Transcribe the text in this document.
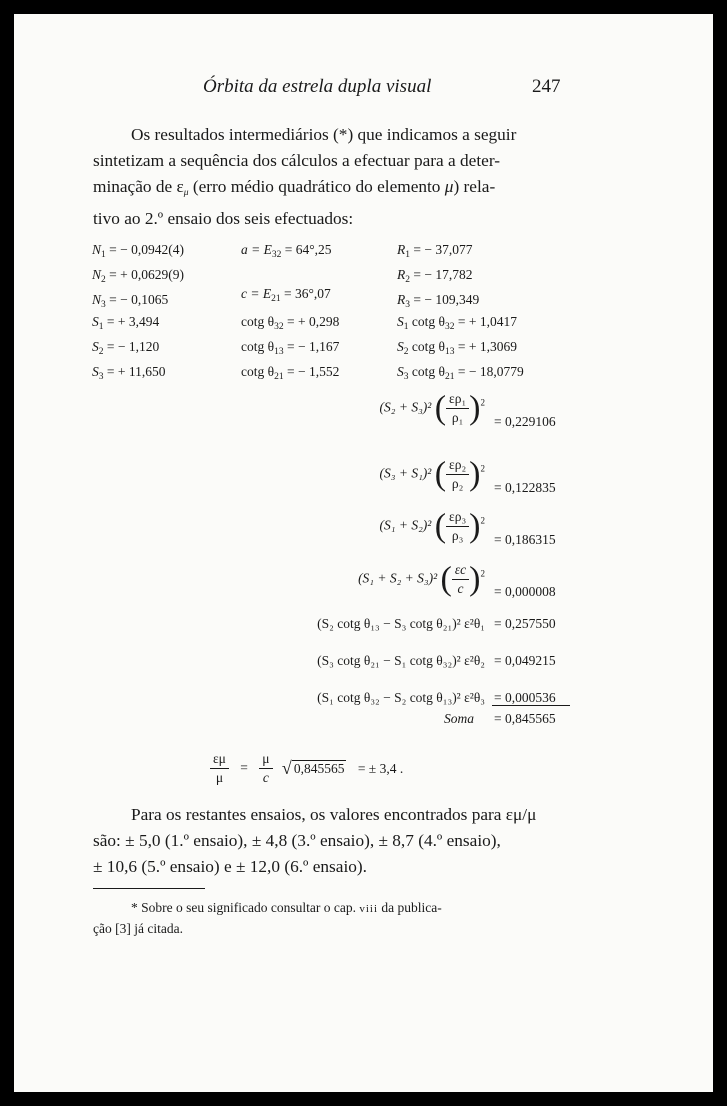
Órbita da estrela dupla visual	247
Os resultados intermediários (*) que indicamos a seguir
sintetizam a sequência dos cálculos a efectuar para a deter-
minação de $\varepsilon_\mu$ (erro médio quadrático do elemento μ) rela-
tivo ao 2.º ensaio dos seis efectuados:
$N_1$ = − 0,0942(4)
$N_2$ = + 0,0629(9)
$N_3$ = − 0,1065
$a = E_{32} = 64^\circ,25$
$c = E_{21} = 36^\circ,07$
$R_1$ = − 37,077
$R_2$ = − 17,782
$R_3$ = − 109,349
$S_1$ = + 3,494
$S_2$ = − 1,120
$S_3$ = + 11,650
cotg $\theta_{32}$ = + 0,298
cotg $\theta_{13}$ = − 1,167
cotg $\theta_{21}$ = − 1,552
$S_1$ cotg $\theta_{32}$ = + 1,0417
$S_2$ cotg $\theta_{13}$ = + 1,3069
$S_3$ cotg $\theta_{21}$ = − 18,0779
(S₂ + S₃)² ( $\frac{\text{ερ₁}}{\text{ρ₁}} )^2$
= 0,229106
(S₃ + S₁)² ( $\frac{\text{ερ₂}}{\text{ρ₂}} )^2$
= 0,122835
(S₁ + S₂)² ( $\frac{\text{ερ₃}}{\text{ρ₃}} )^2$
= 0,186315
(S₁ + S₂ + S₃)² ( $\frac{\varepsilon c}{c} )^2$
= 0,000008
(S₂ cotg θ₁₃ − S₃ cotg θ₂₁)² ε²θ₁ = 0,257550
(S₃ cotg θ₂₁ − S₁ cotg θ₃₂)² ε²θ₂ = 0,049215
(S₁ cotg θ₃₂ − S₂ cotg θ₁₃)² ε²θ₃ = 0,000536
Soma = 0,845565
$\frac{\varepsilon\mu}{\mu} = \frac{\mu}{c}$ √ 0,845565 = ± 3,4 .
Para os restantes ensaios, os valores encontrados para εμ/μ
são: ± 5,0 (1.º ensaio), ± 4,8 (3.º ensaio), ± 8,7 (4.º ensaio),
± 10,6 (5.º ensaio) e ± 12,0 (6.º ensaio).
* Sobre o seu significado consultar o cap. viii da publica-
ção [3] já citada.
